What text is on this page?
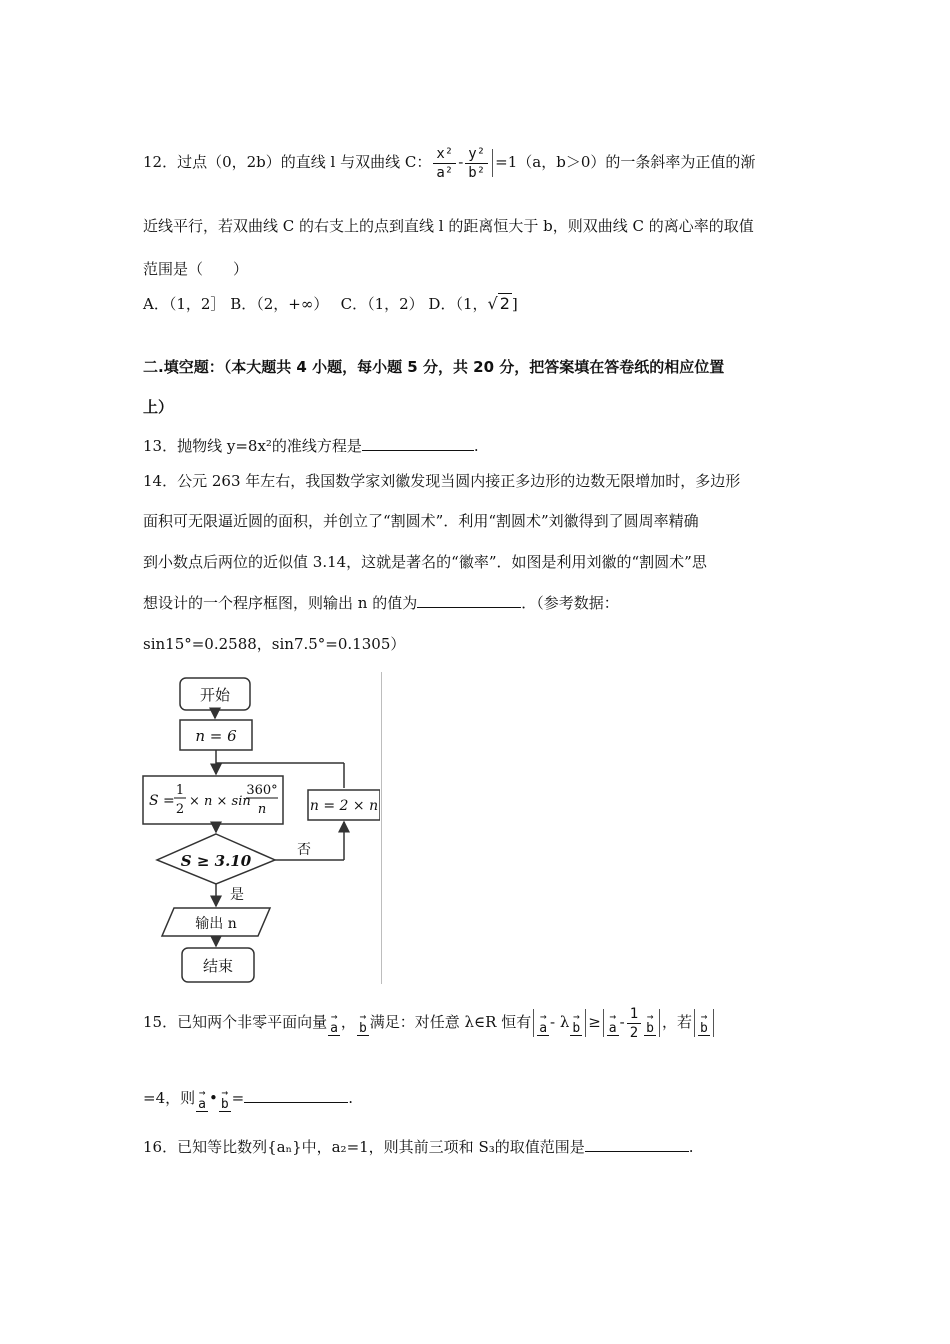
12．过点（0，2b）的直线 l 与双曲线 C： $\frac{\text{x²}}{\text{a²}} - \frac{\text{y²}}{\text{b²}} =1(a$，b＞0）的一条斜率为正值的渐
近线平行，若双曲线 C 的右支上的点到直线 l 的距离恒大于 b，则双曲线 C 的离心率的取值
范围是（　　）
A．（1，2］ B．（2，+∞）　 C．（1，2） D．（1，√ 2 ]
二.填空题：（本大题共 4 小题，每小题 5 分，共 20 分，把答案填在答卷纸的相应位置
上）
13．抛物线 y=8x²的准线方程是	.
14．公元 263 年左右，我国数学家刘徽发现当圆内接正多边形的边数无限增加时，多边形
面积可无限逼近圆的面积，并创立了“割圆术”．利用“割圆术”刘徽得到了圆周率精确
到小数点后两位的近似值 3.14，这就是著名的“徽率”．如图是利用刘徽的“割圆术”思
想设计的一个程序框图，则输出 n 的值为	．（参考数据：
sin15°=0.2588，sin7.5°=0.1305）
开始
n = 6
S =
1
2
× n × sin
360°
n	n = 2 × n
S ≥ 3.10
否
是
输出 n
结束
15．已知两个非零平面向量 →
a ， →
b 满足：对任意 λ∈R 恒有 →
a - λ →
b ≥ →
a - $\frac{1}{2}$ →
b ，若 →
b
=4，则 →
a • →
b =	.
16．已知等比数列{aₙ}中，a₂=1，则其前三项和 S₃的取值范围是	.
